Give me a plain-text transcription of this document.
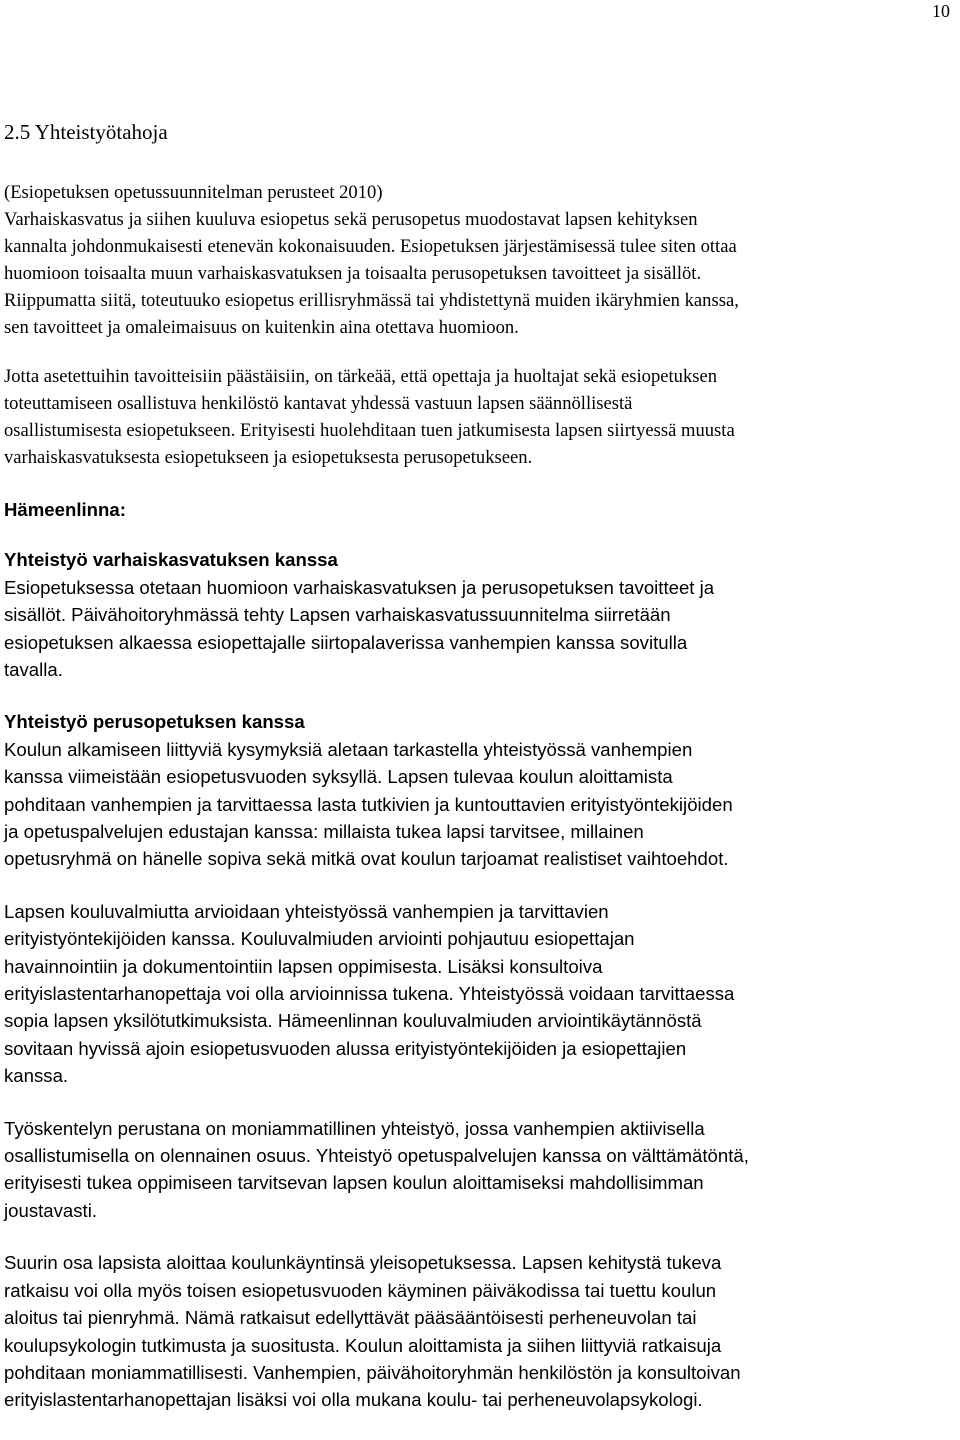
10
2.5 Yhteistyötahoja

(Esiopetuksen opetussuunnitelman perusteet 2010)
Varhaiskasvatus ja siihen kuuluva esiopetus sekä perusopetus muodostavat lapsen kehityksen
kannalta johdonmukaisesti etenevän kokonaisuuden. Esiopetuksen järjestämisessä tulee siten ottaa
huomioon toisaalta muun varhaiskasvatuksen ja toisaalta perusopetuksen tavoitteet ja sisällöt.
Riippumatta siitä, toteutuuko esiopetus erillisryhmässä tai yhdistettynä muiden ikäryhmien kanssa,
sen tavoitteet ja omaleimaisuus on kuitenkin aina otettava huomioon.

Jotta asetettuihin tavoitteisiin päästäisiin, on tärkeää, että opettaja ja huoltajat sekä esiopetuksen
toteuttamiseen osallistuva henkilöstö kantavat yhdessä vastuun lapsen säännöllisestä
osallistumisesta esiopetukseen. Erityisesti huolehditaan tuen jatkumisesta lapsen siirtyessä muusta
varhaiskasvatuksesta esiopetukseen ja esiopetuksesta perusopetukseen.

Hämeenlinna:
Yhteistyö varhaiskasvatuksen kanssa

Esiopetuksessa otetaan huomioon varhaiskasvatuksen ja perusopetuksen tavoitteet ja
sisällöt. Päivähoitoryhmässä tehty Lapsen varhaiskasvatussuunnitelma siirretään
esiopetuksen alkaessa esiopettajalle siirtopalaverissa vanhempien kanssa sovitulla
tavalla.

Yhteistyö perusopetuksen kanssa

Koulun alkamiseen liittyviä kysymyksiä aletaan tarkastella yhteistyössä vanhempien
kanssa viimeistään esiopetusvuoden syksyllä. Lapsen tulevaa koulun aloittamista
pohditaan vanhempien ja tarvittaessa lasta tutkivien ja kuntouttavien erityistyöntekijöiden
ja opetuspalvelujen edustajan kanssa: millaista tukea lapsi tarvitsee, millainen
opetusryhmä on hänelle sopiva sekä mitkä ovat koulun tarjoamat realistiset vaihtoehdot.

Lapsen kouluvalmiutta arvioidaan yhteistyössä vanhempien ja tarvittavien
erityistyöntekijöiden kanssa. Kouluvalmiuden arviointi pohjautuu esiopettajan
havainnointiin ja dokumentointiin lapsen oppimisesta. Lisäksi konsultoiva
erityislastentarhanopettaja voi olla arvioinnissa tukena. Yhteistyössä voidaan tarvittaessa
sopia lapsen yksilötutkimuksista. Hämeenlinnan kouluvalmiuden arviointikäytännöstä
sovitaan hyvissä ajoin esiopetusvuoden alussa erityistyöntekijöiden ja esiopettajien
kanssa.

Työskentelyn perustana on moniammatillinen yhteistyö, jossa vanhempien aktiivisella
osallistumisella on olennainen osuus. Yhteistyö opetuspalvelujen kanssa on välttämätöntä,
erityisesti tukea oppimiseen tarvitsevan lapsen koulun aloittamiseksi mahdollisimman
joustavasti.

Suurin osa lapsista aloittaa koulunkäyntinsä yleisopetuksessa. Lapsen kehitystä tukeva
ratkaisu voi olla myös toisen esiopetusvuoden käyminen päiväkodissa tai tuettu koulun
aloitus tai pienryhmä. Nämä ratkaisut edellyttävät pääsääntöisesti perheneuvolan tai
koulupsykologin tutkimusta ja suositusta. Koulun aloittamista ja siihen liittyviä ratkaisuja
pohditaan moniammatillisesti. Vanhempien, päivähoitoryhmän henkilöstön ja konsultoivan
erityislastentarhanopettajan lisäksi voi olla mukana koulu- tai perheneuvolapsykologi.
